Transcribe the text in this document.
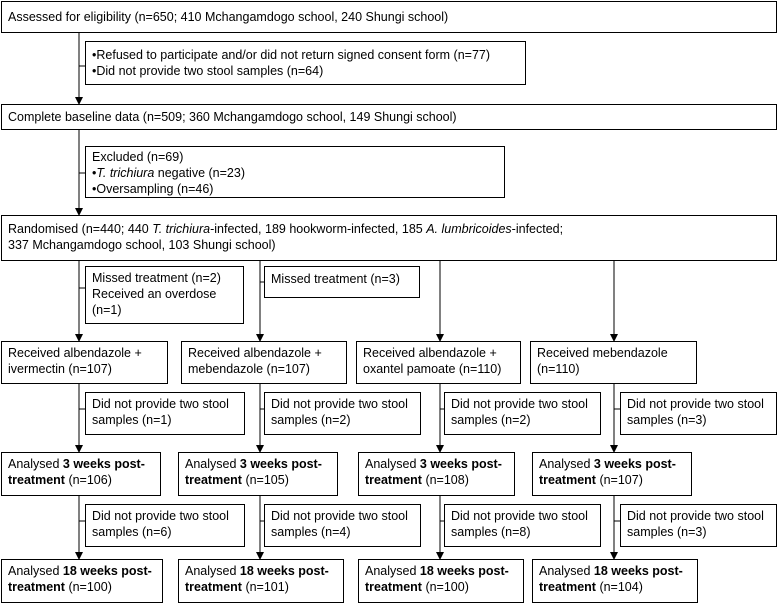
Assessed for eligibility (n=650; 410 Mchangamdogo school, 240 Shungi school)
•Refused to participate and/or did not return signed consent form (n=77)
•Did not provide two stool samples (n=64)
Complete baseline data (n=509; 360 Mchangamdogo school, 149 Shungi school)
Excluded (n=69)
•T. trichiura negative (n=23)
•Oversampling (n=46)
Randomised (n=440; 440 T. trichiura-infected, 189 hookworm-infected, 185 A. lumbricoides-infected;
337 Mchangamdogo school, 103 Shungi school)
Missed treatment (n=2)
Received an overdose
(n=1)
Missed treatment (n=3)
Received albendazole +
ivermectin (n=107)
Did not provide two stool
samples (n=1)
Analysed 3 weeks post-
treatment (n=106)
Did not provide two stool
samples (n=6)
Analysed 18 weeks post-
treatment (n=100)
Received albendazole +
mebendazole (n=107)
Did not provide two stool
samples (n=2)
Analysed 3 weeks post-
treatment (n=105)
Did not provide two stool
samples (n=4)
Analysed 18 weeks post-
treatment (n=101)
Received albendazole +
oxantel pamoate (n=110)
Did not provide two stool
samples (n=2)
Analysed 3 weeks post-
treatment (n=108)
Did not provide two stool
samples (n=8)
Analysed 18 weeks post-
treatment (n=100)
Received mebendazole
(n=110)
Did not provide two stool
samples (n=3)
Analysed 3 weeks post-
treatment (n=107)
Did not provide two stool
samples (n=3)
Analysed 18 weeks post-
treatment (n=104)
